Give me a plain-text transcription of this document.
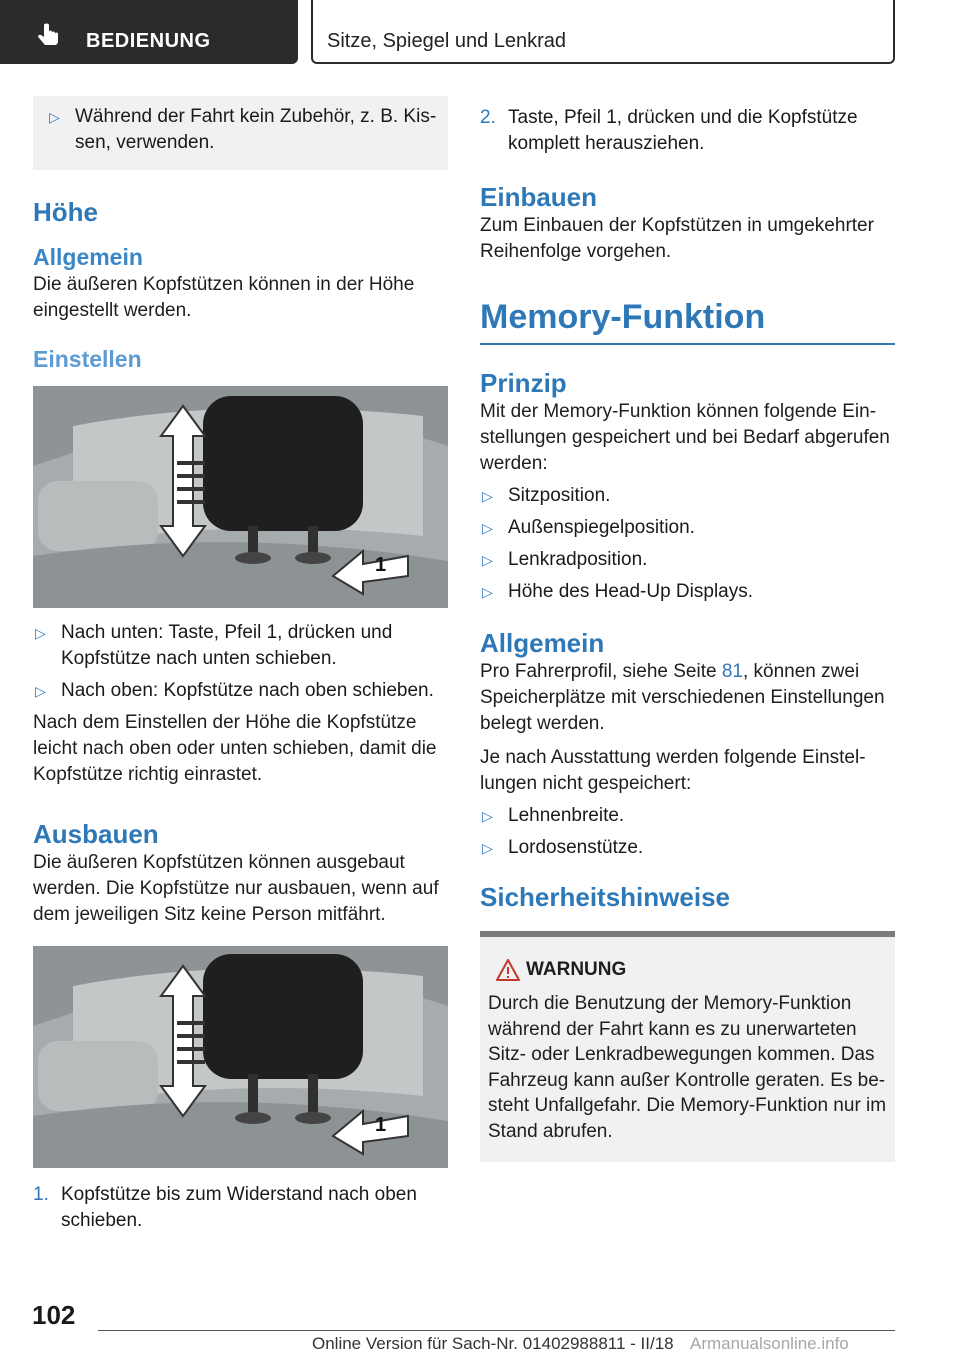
BEDIENUNG	Sitze, Spiegel und Lenkrad
▷ Während der Fahrt kein Zubehör, z. B. Kis-sen, verwenden.
Höhe
Allgemein
Die äußeren Kopfstützen können in der Höhe eingestellt werden.
Einstellen
1
▷ Nach unten: Taste, Pfeil 1, drücken und Kopfstütze nach unten schieben.
▷ Nach oben: Kopfstütze nach oben schieben.
Nach dem Einstellen der Höhe die Kopfstütze leicht nach oben oder unten schieben, damit die Kopfstütze richtig einrastet.
Ausbauen
Die äußeren Kopfstützen können ausgebaut werden. Die Kopfstütze nur ausbauen, wenn auf dem jeweiligen Sitz keine Person mitfährt.
1
1. Kopfstütze bis zum Widerstand nach oben schieben.
2. Taste, Pfeil 1, drücken und die Kopfstütze komplett herausziehen.
Einbauen
Zum Einbauen der Kopfstützen in umgekehrter Reihenfolge vorgehen.
Memory-Funktion
Prinzip
Mit der Memory-Funktion können folgende Ein-stellungen gespeichert und bei Bedarf abgerufen werden:
▷ Sitzposition.
▷ Außenspiegelposition.
▷ Lenkradposition.
▷ Höhe des Head-Up Displays.
Allgemein
Pro Fahrerprofil, siehe Seite 81, können zwei Speicherplätze mit verschiedenen Einstellungen belegt werden.
Je nach Ausstattung werden folgende Einstel-lungen nicht gespeichert:
▷ Lehnenbreite.
▷ Lordosenstütze.
Sicherheitshinweise
WARNUNG
Durch die Benutzung der Memory-Funktion während der Fahrt kann es zu unerwarteten Sitz- oder Lenkradbewegungen kommen. Das Fahrzeug kann außer Kontrolle geraten. Es be-steht Unfallgefahr. Die Memory-Funktion nur im Stand abrufen.
102
Online Version für Sach-Nr. 01402988811 - II/18 Armanualsonline.info
